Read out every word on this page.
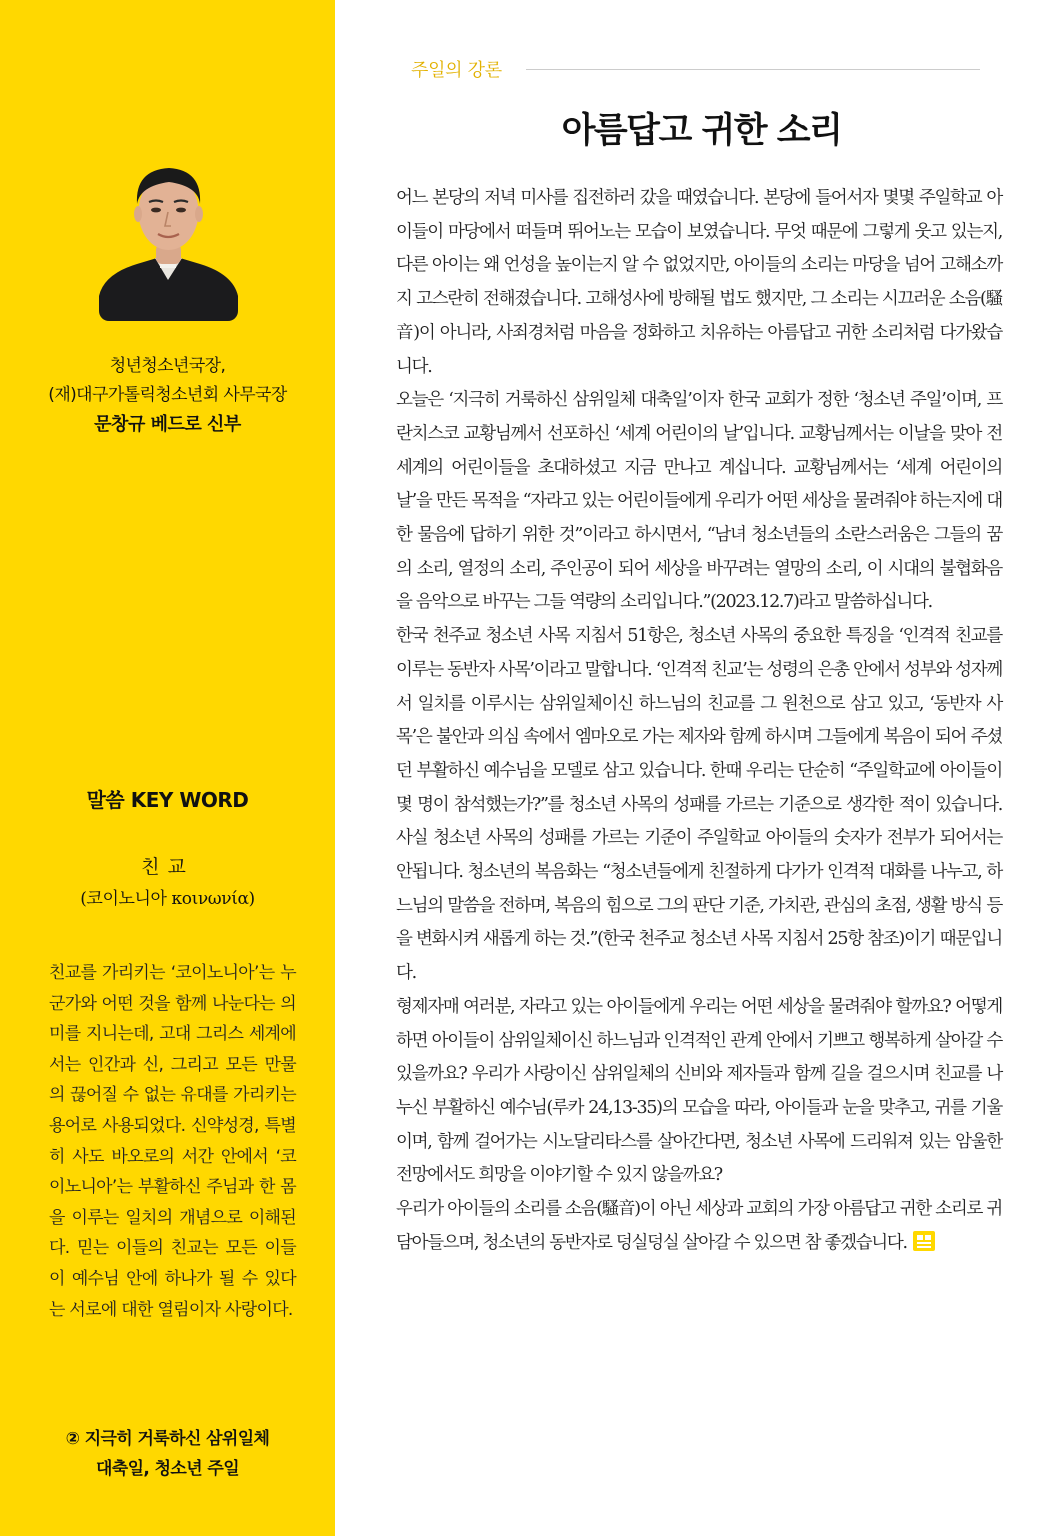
청년청소년국장,
(재)대구가톨릭청소년회 사무국장
문창규 베드로 신부
말씀 KEY WORD
친교
(코이노니아 κοινωνία)
친교를 가리키는 ‘코이노니아’는 누군가와 어떤 것을 함께 나눈다는 의미를 지니는데, 고대 그리스 세계에서는 인간과 신, 그리고 모든 만물의 끊어질 수 없는 유대를 가리키는 용어로 사용되었다. 신약성경, 특별히 사도 바오로의 서간 안에서 ‘코이노니아’는 부활하신 주님과 한 몸을 이루는 일치의 개념으로 이해된다. 믿는 이들의 친교는 모든 이들이 예수님 안에 하나가 될 수 있다는 서로에 대한 열림이자 사랑이다.
② 지극히 거룩하신 삼위일체
대축일, 청소년 주일
주일의 강론
아름답고 귀한 소리

어느 본당의 저녁 미사를 집전하러 갔을 때였습니다. 본당에 들어서자 몇몇 주일학교 아이들이 마당에서 떠들며 뛰어노는 모습이 보였습니다. 무엇 때문에 그렇게 웃고 있는지, 다른 아이는 왜 언성을 높이는지 알 수 없었지만, 아이들의 소리는 마당을 넘어 고해소까지 고스란히 전해졌습니다. 고해성사에 방해될 법도 했지만, 그 소리는 시끄러운 소음(騷音)이 아니라, 사죄경처럼 마음을 정화하고 치유하는 아름답고 귀한 소리처럼 다가왔습니다.

오늘은 ‘지극히 거룩하신 삼위일체 대축일’이자 한국 교회가 정한 ‘청소년 주일’이며, 프란치스코 교황님께서 선포하신 ‘세계 어린이의 날’입니다. 교황님께서는 이날을 맞아 전 세계의 어린이들을 초대하셨고 지금 만나고 계십니다. 교황님께서는 ‘세계 어린이의 날’을 만든 목적을 “자라고 있는 어린이들에게 우리가 어떤 세상을 물려줘야 하는지에 대한 물음에 답하기 위한 것”이라고 하시면서, “남녀 청소년들의 소란스러움은 그들의 꿈의 소리, 열정의 소리, 주인공이 되어 세상을 바꾸려는 열망의 소리, 이 시대의 불협화음을 음악으로 바꾸는 그들 역량의 소리입니다.”(2023.12.7)라고 말씀하십니다.

한국 천주교 청소년 사목 지침서 51항은, 청소년 사목의 중요한 특징을 ‘인격적 친교를 이루는 동반자 사목’이라고 말합니다. ‘인격적 친교’는 성령의 은총 안에서 성부와 성자께서 일치를 이루시는 삼위일체이신 하느님의 친교를 그 원천으로 삼고 있고, ‘동반자 사목’은 불안과 의심 속에서 엠마오로 가는 제자와 함께 하시며 그들에게 복음이 되어 주셨던 부활하신 예수님을 모델로 삼고 있습니다. 한때 우리는 단순히 “주일학교에 아이들이 몇 명이 참석했는가?”를 청소년 사목의 성패를 가르는 기준으로 생각한 적이 있습니다. 사실 청소년 사목의 성패를 가르는 기준이 주일학교 아이들의 숫자가 전부가 되어서는 안됩니다. 청소년의 복음화는 “청소년들에게 친절하게 다가가 인격적 대화를 나누고, 하느님의 말씀을 전하며, 복음의 힘으로 그의 판단 기준, 가치관, 관심의 초점, 생활 방식 등을 변화시켜 새롭게 하는 것.”(한국 천주교 청소년 사목 지침서 25항 참조)이기 때문입니다.

형제자매 여러분, 자라고 있는 아이들에게 우리는 어떤 세상을 물려줘야 할까요? 어떻게 하면 아이들이 삼위일체이신 하느님과 인격적인 관계 안에서 기쁘고 행복하게 살아갈 수 있을까요? 우리가 사랑이신 삼위일체의 신비와 제자들과 함께 길을 걸으시며 친교를 나누신 부활하신 예수님(루카 24,13-35)의 모습을 따라, 아이들과 눈을 맞추고, 귀를 기울이며, 함께 걸어가는 시노달리타스를 살아간다면, 청소년 사목에 드리워져 있는 암울한 전망에서도 희망을 이야기할 수 있지 않을까요?

우리가 아이들의 소리를 소음(騷音)이 아닌 세상과 교회의 가장 아름답고 귀한 소리로 귀담아들으며, 청소년의 동반자로 덩실덩실 살아갈 수 있으면 참 좋겠습니다.
